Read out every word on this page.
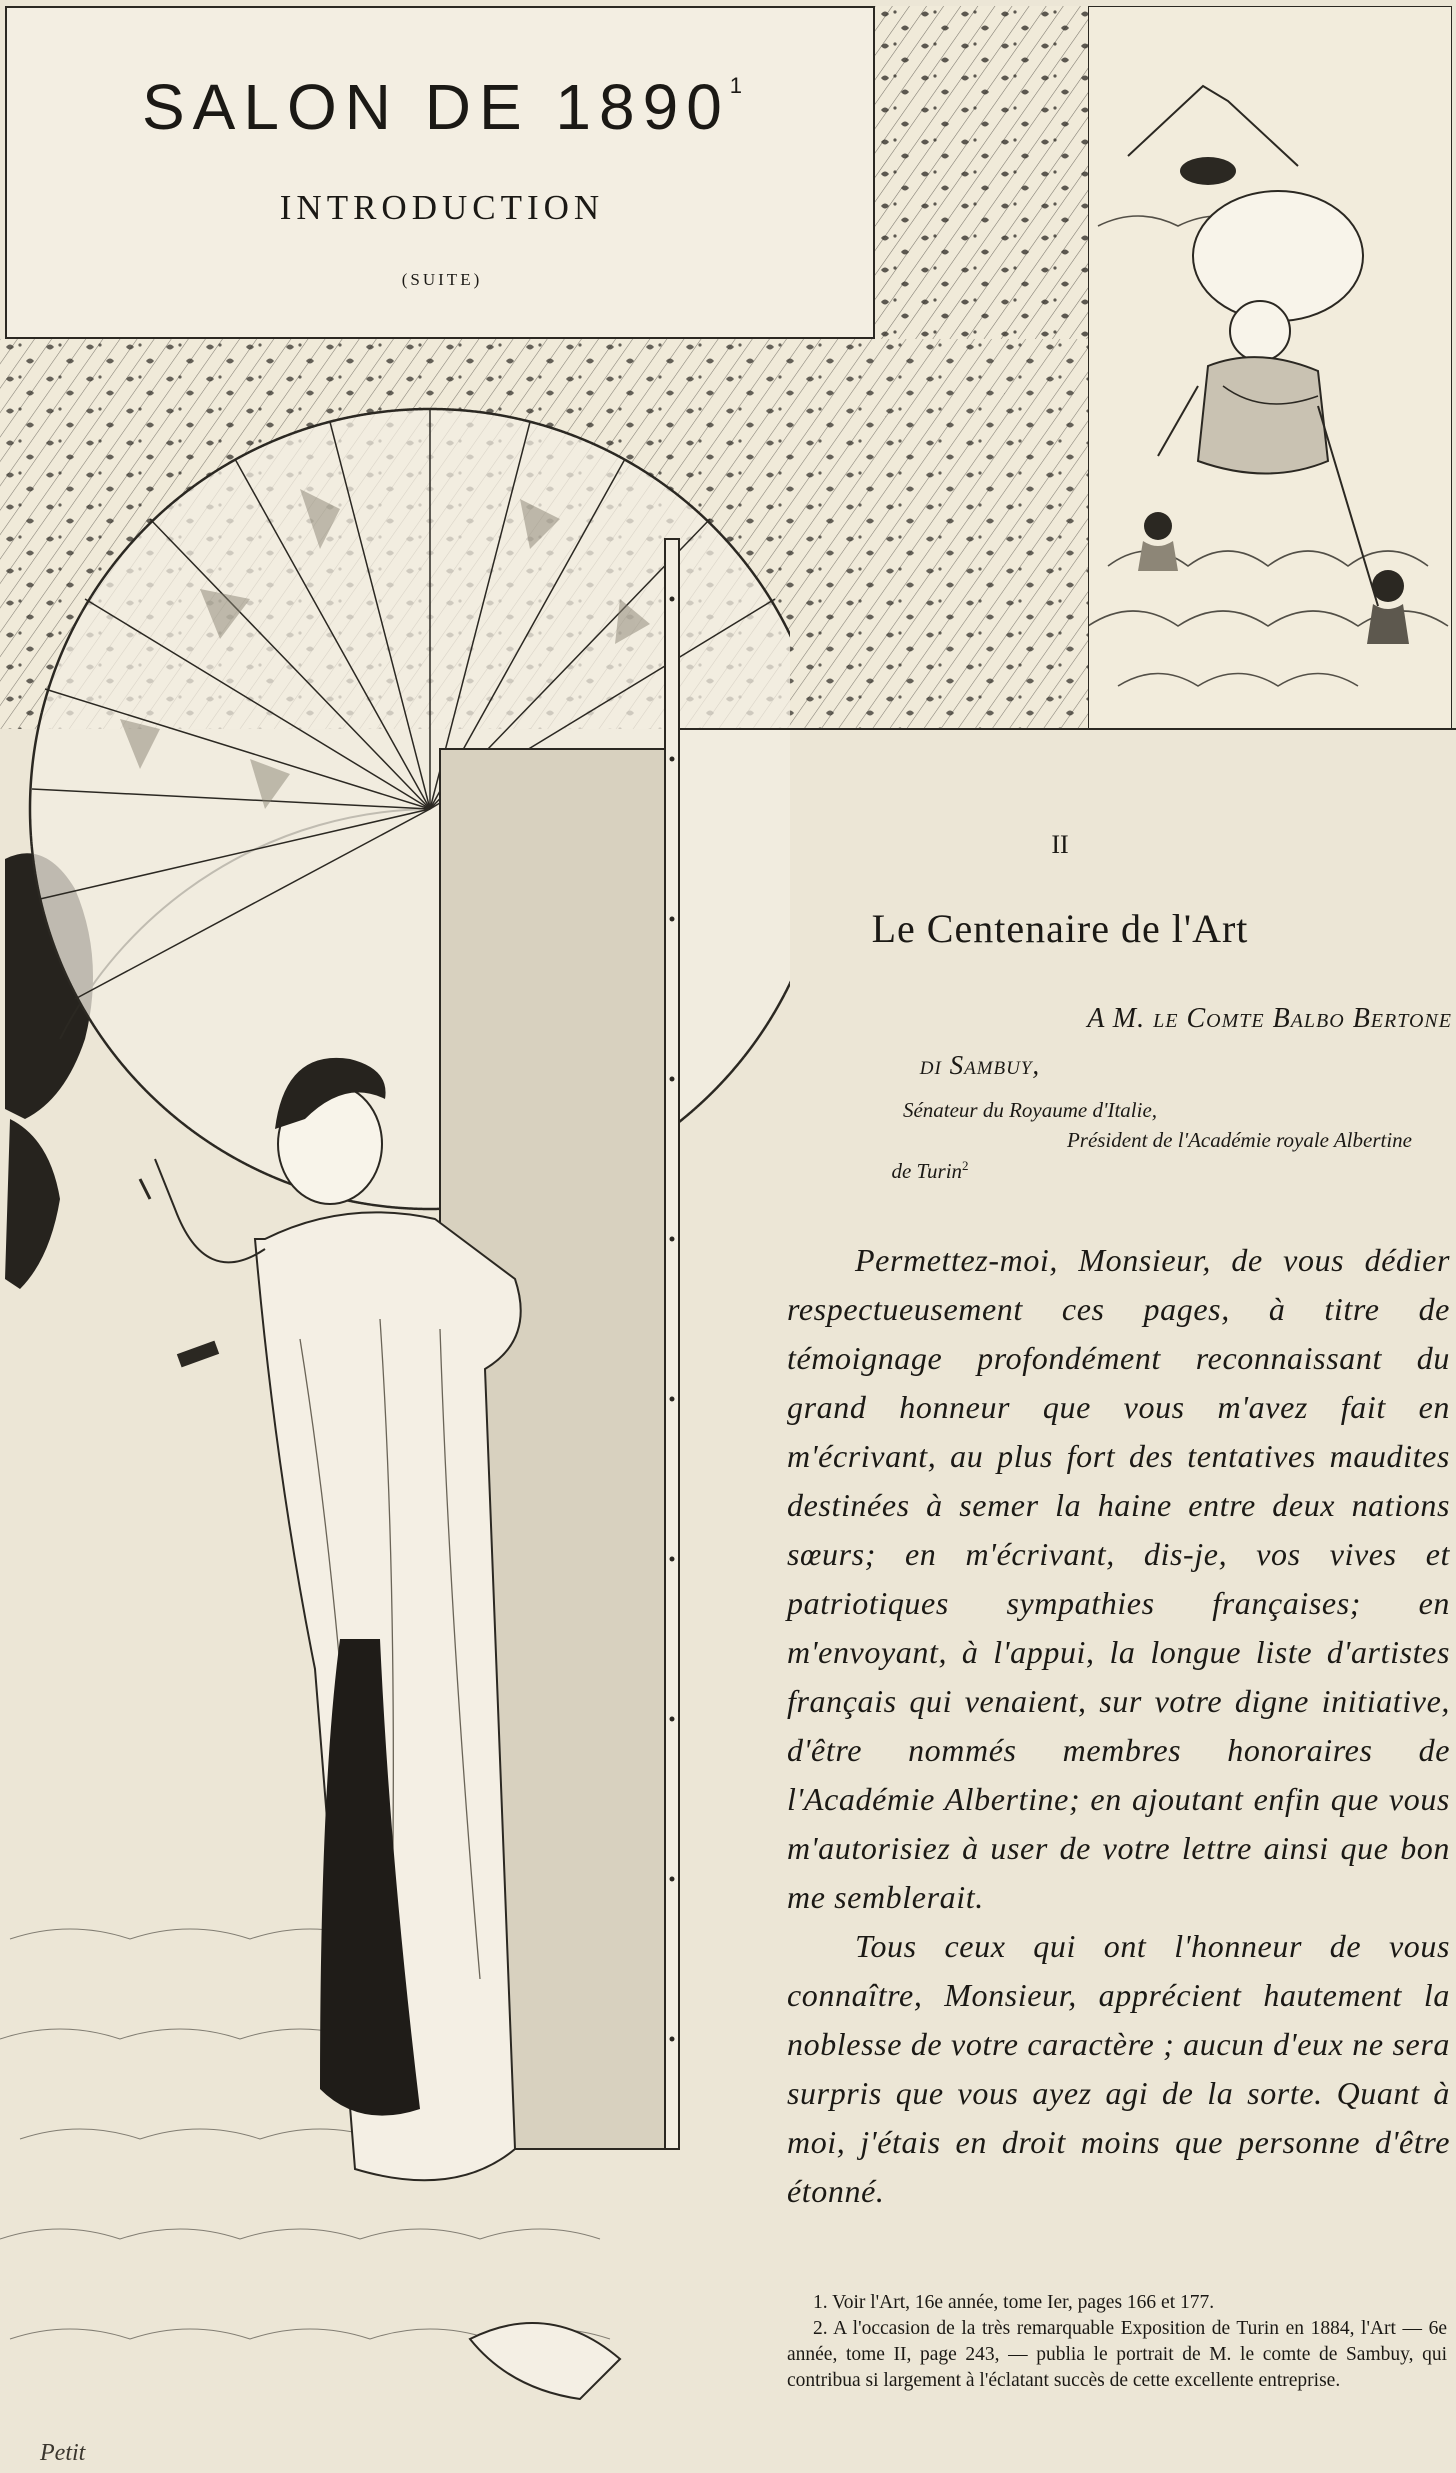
SALON DE 1890$^1$
INTRODUCTION
(SUITE)
II
Le Centenaire de l'Art
A M. le Comte Balbo Bertone
di Sambuy,
Sénateur du Royaume d'Italie,
Président de l'Académie royale Albertine
de Turin$^2$

Permettez-moi, Monsieur, de vous dédier respectueusement ces pages, à titre de témoignage profondément reconnaissant du grand honneur que vous m'avez fait en m'écrivant, au plus fort des tentatives maudites destinées à semer la haine entre deux nations sœurs; en m'écrivant, dis-je, vos vives et patriotiques sympathies françaises; en m'envoyant, à l'appui, la longue liste d'artistes français qui venaient, sur votre digne initiative, d'être nommés membres honoraires de l'Académie Albertine; en ajoutant enfin que vous m'autorisiez à user de votre lettre ainsi que bon me semblerait.

Tous ceux qui ont l'honneur de vous connaître, Monsieur, apprécient hautement la noblesse de votre caractère ; aucun d'eux ne sera surpris que vous ayez agi de la sorte. Quant à moi, j'étais en droit moins que personne d'être étonné.

1. Voir l'Art, 16e année, tome Ier, pages 166 et 177.

2. A l'occasion de la très remarquable Exposition de Turin en 1884, l'Art — 6e année, tome II, page 243, — publia le portrait de M. le comte de Sambuy, qui contribua si largement à l'éclatant succès de cette excellente entreprise.

Petit
